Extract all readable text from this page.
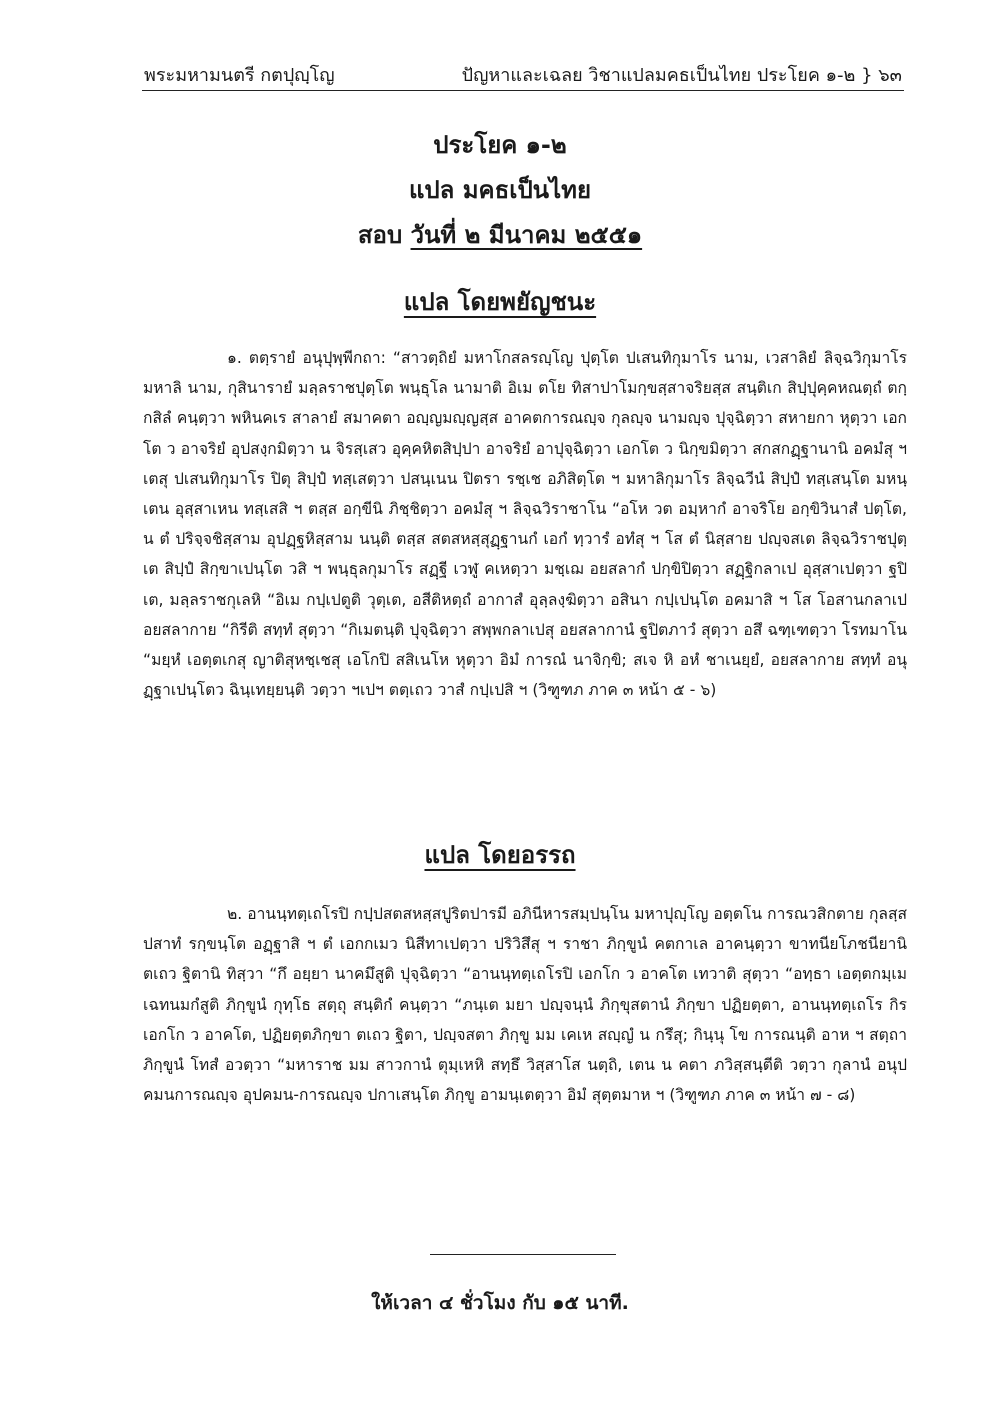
พระมหามนตรี กตปุญฺโญ	ปัญหาและเฉลย วิชาแปลมคธเป็นไทย ประโยค ๑-๒ } ๖๓
ประโยค ๑-๒
แปล มคธเป็นไทย
สอบ วันที่ ๒ มีนาคม ๒๕๕๑
แปล โดยพยัญชนะ
๑. ตตฺรายํ อนุปุพฺพีกถา: “สาวตฺถิยํ มหาโกสลรญฺโญ ปุตฺโต ปเสนทิกุมาโร นาม, เวสาลิยํ ลิจฺฉวิกุมาโร มหาลิ นาม, กุสินารายํ มลฺลราชปุตฺโต พนฺธุโล นามาติ อิเม ตโย ทิสาปาโมกฺขสฺสาจริยสฺส สนฺติเก สิปฺปุคฺคหณตฺถํ ตกฺกสิลํ คนฺตฺวา พหินคเร สาลายํ สมาคตา อญฺญมญฺญสฺส อาคตการณญฺจ กุลญฺจ นามญฺจ ปุจฺฉิตฺวา สหายกา หุตฺวา เอกโต ว อาจริยํ อุปสงฺกมิตฺวา น จิรสฺเสว อุคฺคหิตสิปฺปา อาจริยํ อาปุจฺฉิตฺวา เอกโต ว นิกฺขมิตฺวา สกสกฏฺฐานานิ อคมํสุ ฯ เตสุ ปเสนทิกุมาโร ปิตุ สิปฺปํ ทสฺเสตฺวา ปสนฺเนน ปิตรา รชฺเช อภิสิตฺโต ฯ มหาลิกุมาโร ลิจฺฉวีนํ สิปฺปํ ทสฺเสนฺโต มหนฺเตน อุสฺสาเหน ทสฺเสสิ ฯ ตสฺส อกฺขีนิ ภิชฺชิตฺวา อคมํสุ ฯ ลิจฺฉวิราชาโน “อโห วต อมฺหากํ อาจริโย อกฺขิวินาสํ ปตฺโต, น ตํ ปริจฺจชิสฺสาม อุปฏฺฐหิสฺสาม นนฺติ ตสฺส สตสหสฺสุฏฺฐานกํ เอกํ ทฺวารํ อทํสุ ฯ โส ตํ นิสฺสาย ปญฺจสเต ลิจฺฉวิราชปุตฺเต สิปฺปํ สิกฺขาเปนฺโต วสิ ฯ พนฺธุลกุมาโร สฏฺฐี เวฬู คเหตฺวา มชฺเฌ อยสลากํ ปกฺขิปิตฺวา สฏฺฐิกลาเป อุสฺสาเปตฺวา ฐปิเต, มลฺลราชกุเลหิ “อิเม กปฺเปตูติ วุตฺเต, อสีติหตฺถํ อากาสํ อุลฺลงฺฆิตฺวา อสินา กปฺเปนฺโต อคมาสิ ฯ โส โอสานกลาเป อยสลากาย “กิรีติ สทฺทํ สุตฺวา “กิเมตนฺติ ปุจฺฉิตฺวา สพฺพกลาเปสุ อยสลากานํ ฐปิตภาวํ สุตฺวา อสึ ฉฑฺเฑตฺวา โรทมาโน “มยฺหํ เอตฺตเกสุ ญาติสุหชฺเชสุ เอโกปิ สสิเนโห หุตฺวา อิมํ การณํ นาจิกฺขิ; สเจ หิ อหํ ชาเนยฺยํ, อยสลากาย สทฺทํ อนุฏฺฐาเปนฺโตว ฉินฺเทยฺยนฺติ วตฺวา ฯเปฯ ตตฺเถว วาสํ กปฺเปสิ ฯ (วิฑูฑภ ภาค ๓ หน้า ๕ - ๖)
แปล โดยอรรถ
๒. อานนฺทตฺเถโรปิ กปฺปสตสหสฺสปูริตปารมี อภินีหารสมฺปนฺโน มหาปุญฺโญ อตฺตโน การณวสิกตาย กุลสฺส ปสาทํ รกฺขนฺโต อฏฺฐาสิ ฯ ตํ เอกกเมว นิสีทาเปตฺวา ปริวิสึสุ ฯ ราชา ภิกฺขูนํ คตกาเล อาคนฺตฺวา ขาทนียโภชนียานิ ตเถว ฐิตานิ ทิสฺวา “กึ อยฺยา นาคมึสูติ ปุจฺฉิตฺวา “อานนฺทตฺเถโรปิ เอกโก ว อาคโต เทวาติ สุตฺวา “อทฺธา เอตฺตกมฺเม เฉทนมกํสูติ ภิกฺขูนํ กุทฺโธ สตฺถุ สนฺติกํ คนฺตฺวา “ภนฺเต มยา ปญฺจนฺนํ ภิกฺขุสตานํ ภิกฺขา ปฏิยตฺตา, อานนฺทตฺเถโร กิร เอกโก ว อาคโต, ปฏิยตฺตภิกฺขา ตเถว ฐิตา, ปญฺจสตา ภิกฺขู มม เคเห สญฺญํ น กรึสุ; กินฺนุ โข การณนฺติ อาห ฯ สตฺถา ภิกฺขูนํ โทสํ อวตฺวา “มหาราช มม สาวกานํ ตุมฺเหหิ สทฺธึ วิสฺสาโส นตฺถิ, เตน น คตา ภวิสฺสนฺตีติ วตฺวา กุลานํ อนุปคมนการณญฺจ อุปคมน-การณญฺจ ปกาเสนฺโต ภิกฺขู อามนฺเตตฺวา อิมํ สุตฺตมาห ฯ (วิฑูฑภ ภาค ๓ หน้า ๗ - ๘)
ให้เวลา ๔ ชั่วโมง กับ ๑๕ นาที.
